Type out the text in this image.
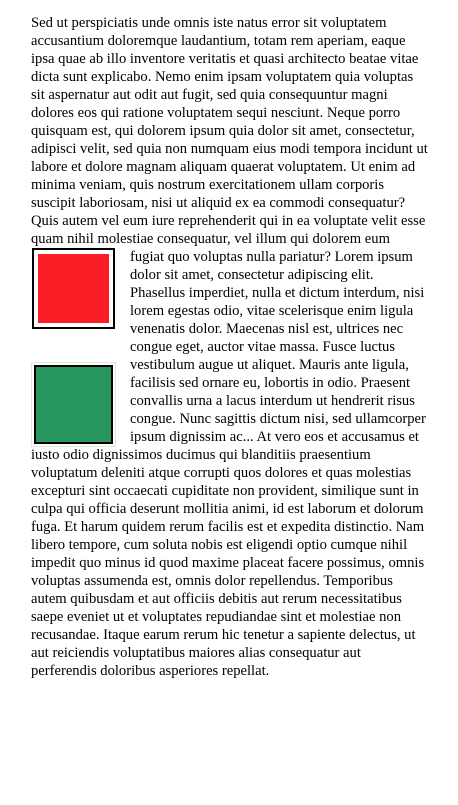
Sed ut perspiciatis unde omnis iste natus error sit voluptatem accusantium doloremque laudantium, totam rem aperiam, eaque ipsa quae ab illo inventore veritatis et quasi architecto beatae vitae dicta sunt explicabo. Nemo enim ipsam voluptatem quia voluptas sit aspernatur aut odit aut fugit, sed quia consequuntur magni dolores eos qui ratione voluptatem sequi nesciunt. Neque porro quisquam est, qui dolorem ipsum quia dolor sit amet, consectetur, adipisci velit, sed quia non numquam eius modi tempora incidunt ut labore et dolore magnam aliquam quaerat voluptatem. Ut enim ad minima veniam, quis nostrum exercitationem ullam corporis suscipit laboriosam, nisi ut aliquid ex ea commodi consequatur? Quis autem vel eum iure reprehenderit qui in ea voluptate velit esse quam nihil molestiae consequatur, vel illum qui dolorem eum

fugiat quo voluptas nulla pariatur? Lorem ipsum dolor sit amet, consectetur adipiscing elit. Phasellus imperdiet, nulla et dictum interdum, nisi lorem egestas odio, vitae scelerisque enim ligula venenatis dolor. Maecenas nisl est, ultrices nec congue eget, auctor vitae massa. Fusce luctus vestibulum augue ut aliquet. Mauris ante ligula, facilisis sed ornare eu, lobortis in odio. Praesent convallis urna a lacus interdum ut hendrerit risus congue. Nunc sagittis dictum nisi, sed ullamcorper ipsum dignissim ac... At vero eos et accusamus et iusto odio dignissimos ducimus qui blanditiis praesentium voluptatum deleniti atque corrupti quos dolores et quas molestias excepturi sint occaecati cupiditate non provident, similique sunt in culpa qui officia deserunt mollitia animi, id est laborum et dolorum fuga. Et harum quidem rerum facilis est et expedita distinctio. Nam libero tempore, cum soluta nobis est eligendi optio cumque nihil impedit quo minus id quod maxime placeat facere possimus, omnis voluptas assumenda est, omnis dolor repellendus. Temporibus autem quibusdam et aut officiis debitis aut rerum necessitatibus saepe eveniet ut et voluptates repudiandae sint et molestiae non recusandae. Itaque earum rerum hic tenetur a sapiente delectus, ut aut reiciendis voluptatibus maiores alias consequatur aut perferendis doloribus asperiores repellat.
